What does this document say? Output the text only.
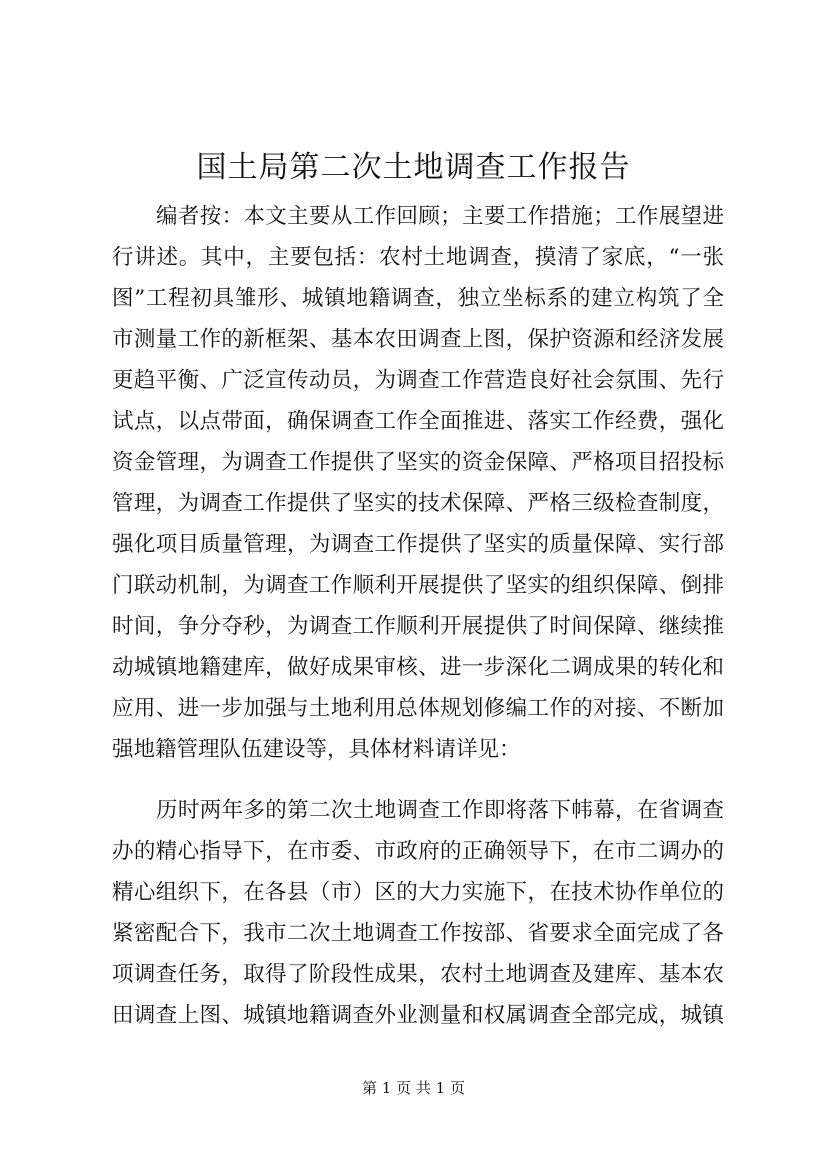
国土局第二次土地调查工作报告
编者按：本文主要从工作回顾；主要工作措施；工作展望进
行讲述。其中，主要包括：农村土地调查，摸清了家底，“一张
图”工程初具雏形、城镇地籍调查，独立坐标系的建立构筑了全
市测量工作的新框架、基本农田调查上图，保护资源和经济发展
更趋平衡、广泛宣传动员，为调查工作营造良好社会氛围、先行
试点，以点带面，确保调查工作全面推进、落实工作经费，强化
资金管理，为调查工作提供了坚实的资金保障、严格项目招投标
管理，为调查工作提供了坚实的技术保障、严格三级检查制度，
强化项目质量管理，为调查工作提供了坚实的质量保障、实行部
门联动机制，为调查工作顺利开展提供了坚实的组织保障、倒排
时间，争分夺秒，为调查工作顺利开展提供了时间保障、继续推
动城镇地籍建库，做好成果审核、进一步深化二调成果的转化和
应用、进一步加强与土地利用总体规划修编工作的对接、不断加
强地籍管理队伍建设等，具体材料请详见：
历时两年多的第二次土地调查工作即将落下帏幕，在省调查
办的精心指导下，在市委、市政府的正确领导下，在市二调办的
精心组织下，在各县（市）区的大力实施下，在技术协作单位的
紧密配合下，我市二次土地调查工作按部、省要求全面完成了各
项调查任务，取得了阶段性成果，农村土地调查及建库、基本农
田调查上图、城镇地籍调查外业测量和权属调查全部完成，城镇
第 1 页 共 1 页
